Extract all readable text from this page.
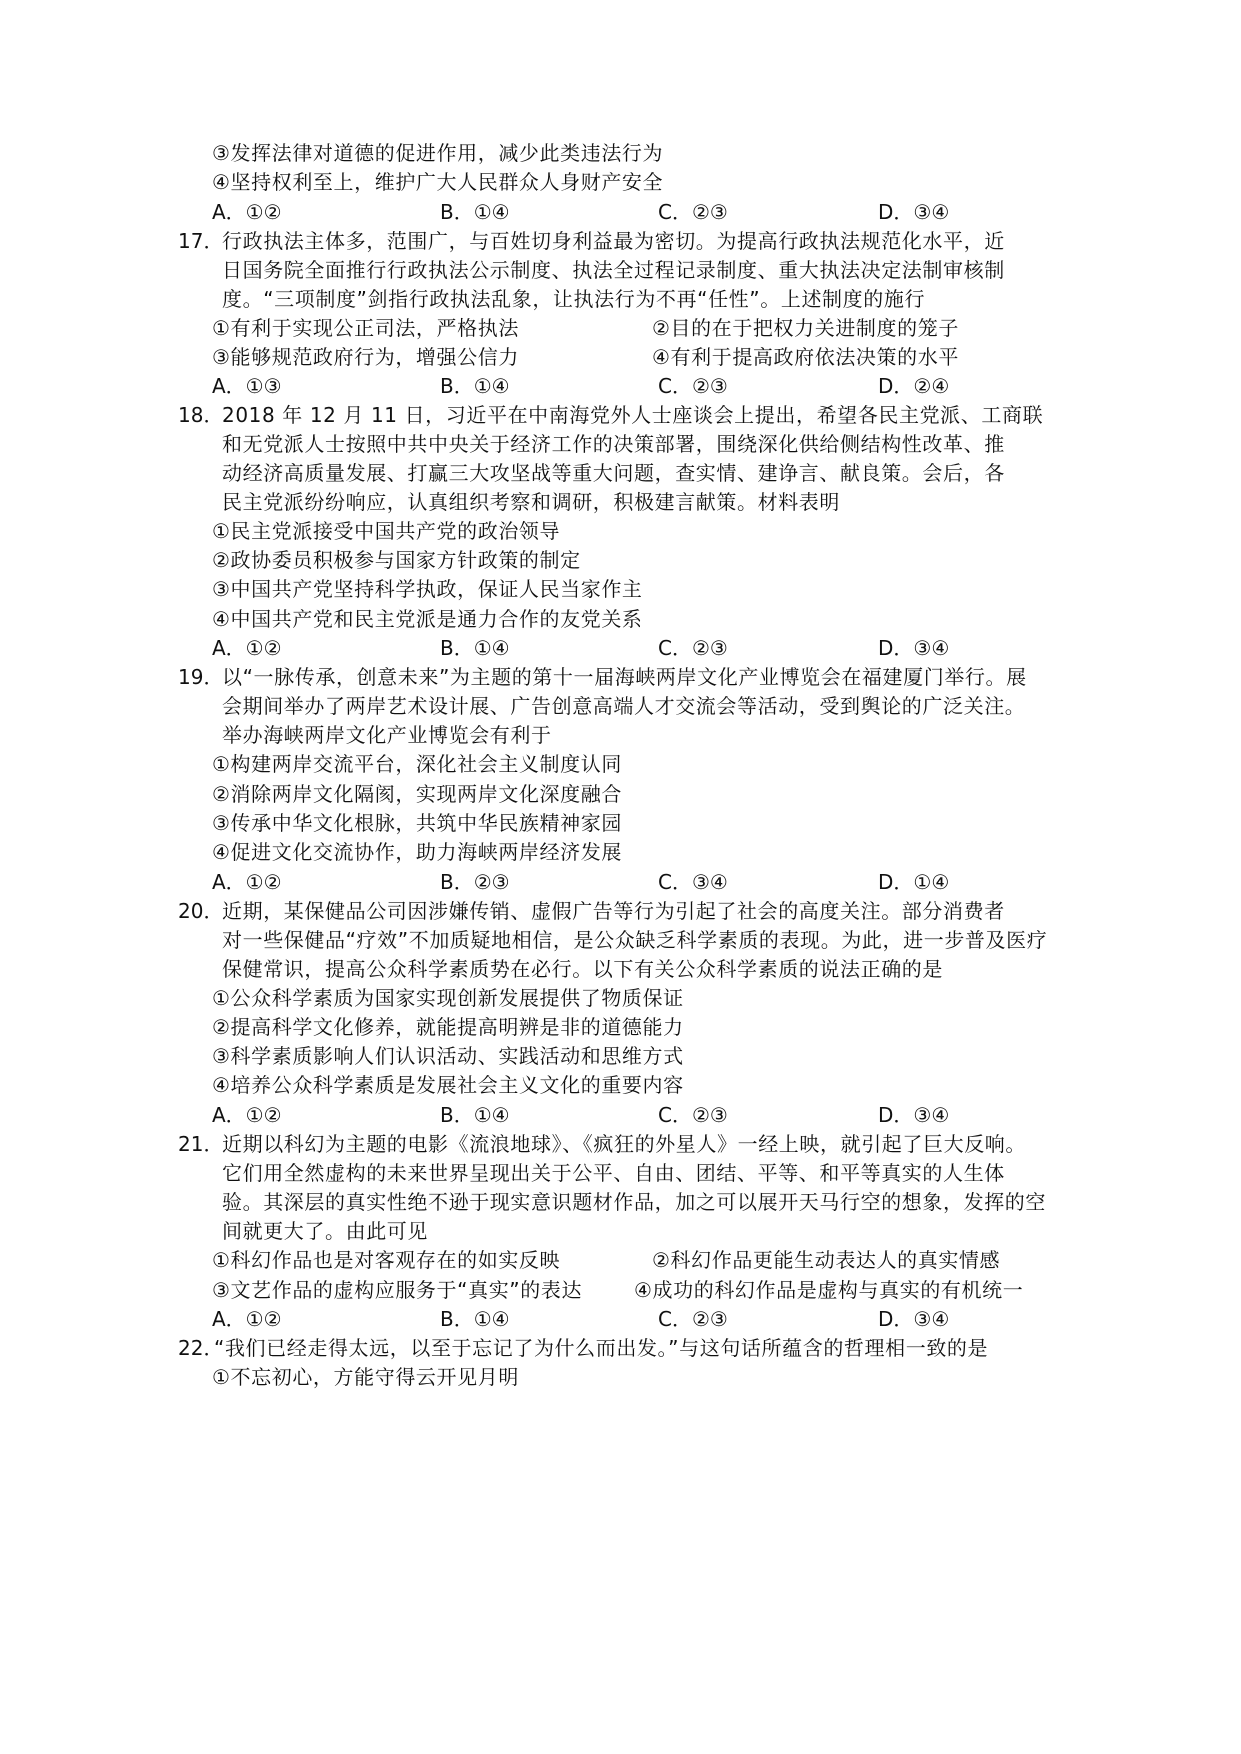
③发挥法律对道德的促进作用，减少此类违法行为
④坚持权利至上，维护广大人民群众人身财产安全
A．①②	B．①④	C．②③	D．③④
17．
行政执法主体多，范围广，与百姓切身利益最为密切。为提高行政执法规范化水平，近
日国务院全面推行行政执法公示制度、执法全过程记录制度、重大执法决定法制审核制
度。“三项制度”剑指行政执法乱象，让执法行为不再“任性”。上述制度的施行
①有利于实现公正司法，严格执法	②目的在于把权力关进制度的笼子
③能够规范政府行为，增强公信力	④有利于提高政府依法决策的水平
A．①③	B．①④	C．②③	D．②④
18．
2018 年 12 月 11 日，习近平在中南海党外人士座谈会上提出，希望各民主党派、工商联
和无党派人士按照中共中央关于经济工作的决策部署，围绕深化供给侧结构性改革、推
动经济高质量发展、打赢三大攻坚战等重大问题，查实情、建诤言、献良策。会后，各
民主党派纷纷响应，认真组织考察和调研，积极建言献策。材料表明
①民主党派接受中国共产党的政治领导
②政协委员积极参与国家方针政策的制定
③中国共产党坚持科学执政，保证人民当家作主
④中国共产党和民主党派是通力合作的友党关系
A．①②	B．①④	C．②③	D．③④
19．
以“一脉传承，创意未来”为主题的第十一届海峡两岸文化产业博览会在福建厦门举行。展
会期间举办了两岸艺术设计展、广告创意高端人才交流会等活动，受到舆论的广泛关注。
举办海峡两岸文化产业博览会有利于
①构建两岸交流平台，深化社会主义制度认同
②消除两岸文化隔阂，实现两岸文化深度融合
③传承中华文化根脉，共筑中华民族精神家园
④促进文化交流协作，助力海峡两岸经济发展
A．①②	B．②③	C．③④	D．①④
20．
近期，某保健品公司因涉嫌传销、虚假广告等行为引起了社会的高度关注。部分消费者
对一些保健品“疗效”不加质疑地相信，是公众缺乏科学素质的表现。为此，进一步普及医疗
保健常识，提高公众科学素质势在必行。以下有关公众科学素质的说法正确的是
①公众科学素质为国家实现创新发展提供了物质保证
②提高科学文化修养，就能提高明辨是非的道德能力
③科学素质影响人们认识活动、实践活动和思维方式
④培养公众科学素质是发展社会主义文化的重要内容
A．①②	B．①④	C．②③	D．③④
21．
近期以科幻为主题的电影《流浪地球》、《疯狂的外星人》一经上映，就引起了巨大反响。
它们用全然虚构的未来世界呈现出关于公平、自由、团结、平等、和平等真实的人生体
验。其深层的真实性绝不逊于现实意识题材作品，加之可以展开天马行空的想象，发挥的空
间就更大了。由此可见
①科幻作品也是对客观存在的如实反映	②科幻作品更能生动表达人的真实情感
③文艺作品的虚构应服务于“真实”的表达	④成功的科幻作品是虚构与真实的有机统一
A．①②	B．①④	C．②③	D．③④
22．
“我们已经走得太远，以至于忘记了为什么而出发。”与这句话所蕴含的哲理相一致的是
①不忘初心，方能守得云开见月明
